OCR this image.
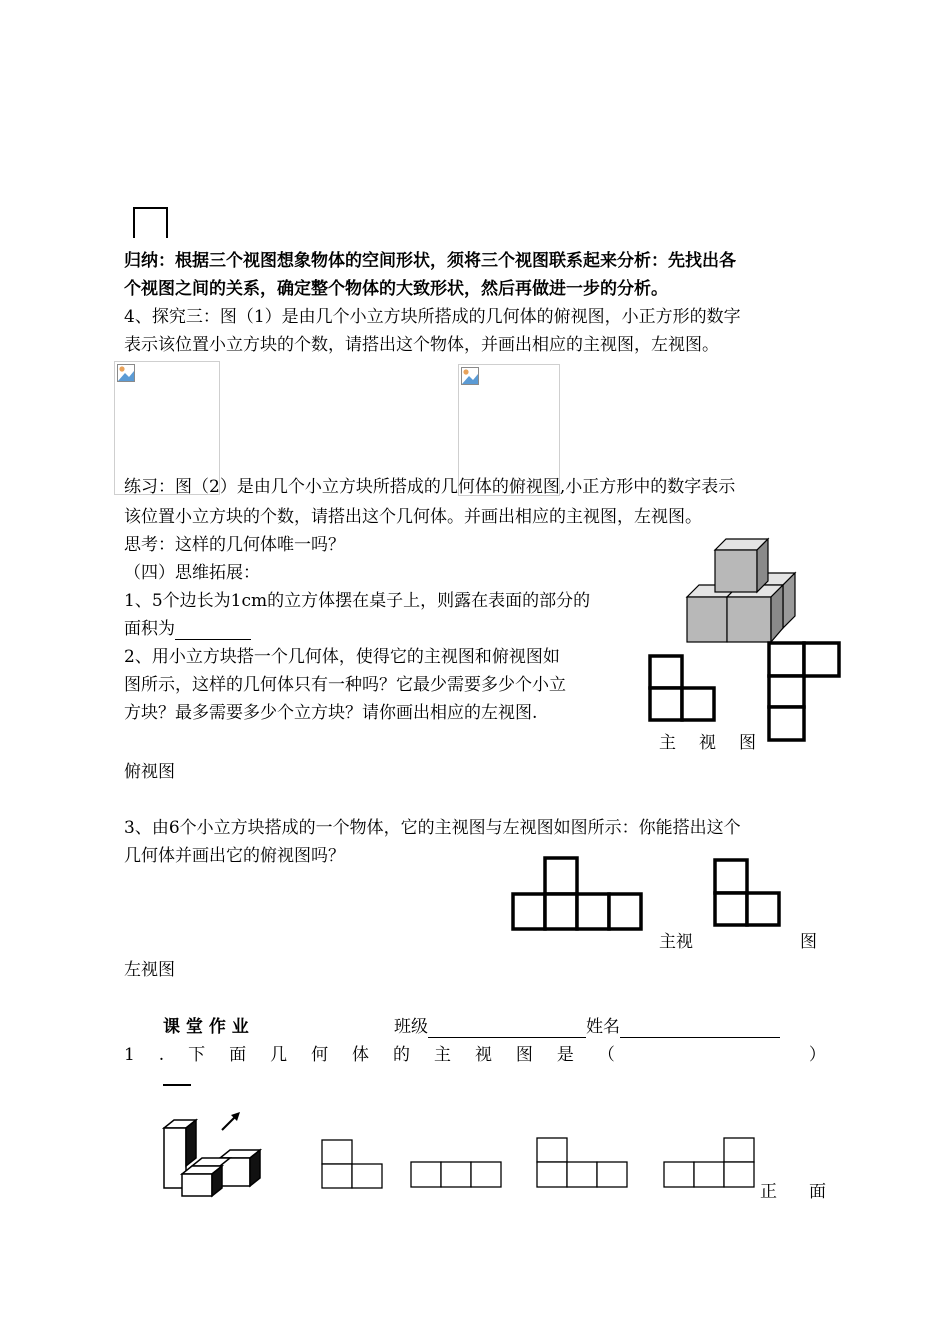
归纳：根据三个视图想象物体的空间形状，须将三个视图联系起来分析：先找出各
个视图之间的关系，确定整个物体的大致形状，然后再做进一步的分析。
4、探究三：图（1）是由几个小立方块所搭成的几何体的俯视图，小正方形的数字
表示该位置小立方块的个数，请搭出这个物体，并画出相应的主视图，左视图。
练习：图（2）是由几个小立方块所搭成的几何体的俯视图,小正方形中的数字表示
该位置小立方块的个数，请搭出这个几何体。并画出相应的主视图，左视图。
思考：这样的几何体唯一吗？
（四）思维拓展：
1、5个边长为1cm的立方体摆在桌子上，则露在表面的部分的
面积为
2、用小立方块搭一个几何体，使得它的主视图和俯视图如
图所示，这样的几何体只有一种吗？它最少需要多少个小立
方块？最多需要多少个立方块？请你画出相应的左视图.
主 视 图
俯视图
3、由6个小立方块搭成的一个物体，它的主视图与左视图如图所示：你能搭出这个
几何体并画出它的俯视图吗？
主视	图
左视图
课 堂 作 业	班级	姓名
1 . 下 面 几 何 体 的 主 视 图 是 （	）
正 面
